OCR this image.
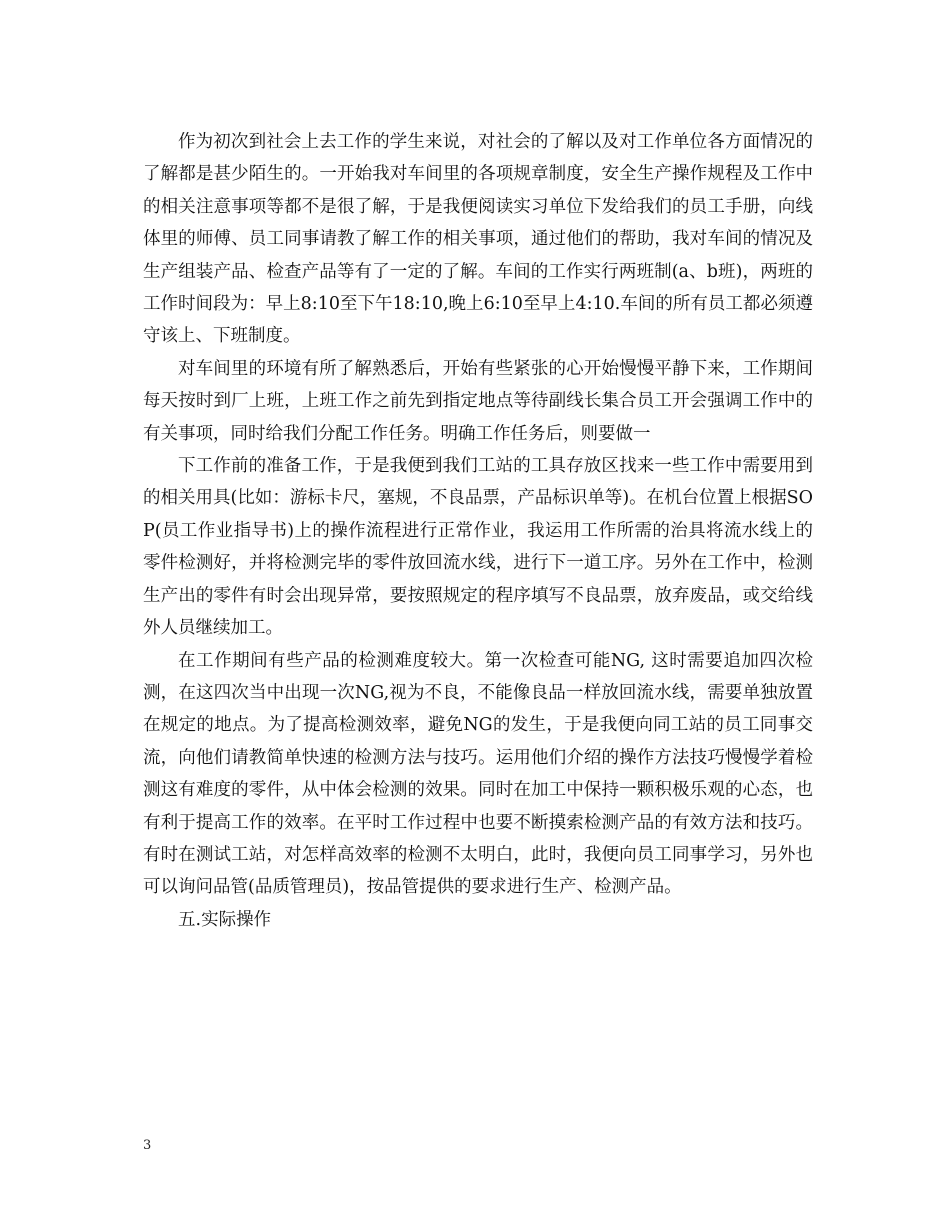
作为初次到社会上去工作的学生来说，对社会的了解以及对工作单位各方面情况的了解都是甚少陌生的。一开始我对车间里的各项规章制度，安全生产操作规程及工作中的相关注意事项等都不是很了解，于是我便阅读实习单位下发给我们的员工手册，向线体里的师傅、员工同事请教了解工作的相关事项，通过他们的帮助，我对车间的情况及生产组装产品、检查产品等有了一定的了解。车间的工作实行两班制(a、b班)，两班的工作时间段为：早上8:10至下午18:10,晚上6:10至早上4:10.车间的所有员工都必须遵守该上、下班制度。

对车间里的环境有所了解熟悉后，开始有些紧张的心开始慢慢平静下来，工作期间每天按时到厂上班，上班工作之前先到指定地点等待副线长集合员工开会强调工作中的有关事项，同时给我们分配工作任务。明确工作任务后，则要做一

下工作前的准备工作，于是我便到我们工站的工具存放区找来一些工作中需要用到的相关用具(比如：游标卡尺，塞规，不良品票，产品标识单等)。在机台位置上根据SOP(员工作业指导书)上的操作流程进行正常作业，我运用工作所需的治具将流水线上的零件检测好，并将检测完毕的零件放回流水线，进行下一道工序。另外在工作中，检测生产出的零件有时会出现异常，要按照规定的程序填写不良品票，放弃废品，或交给线外人员继续加工。

在工作期间有些产品的检测难度较大。第一次检查可能NG, 这时需要追加四次检测，在这四次当中出现一次NG,视为不良，不能像良品一样放回流水线，需要单独放置在规定的地点。为了提高检测效率，避免NG的发生，于是我便向同工站的员工同事交流，向他们请教简单快速的检测方法与技巧。运用他们介绍的操作方法技巧慢慢学着检测这有难度的零件，从中体会检测的效果。同时在加工中保持一颗积极乐观的心态，也有利于提高工作的效率。在平时工作过程中也要不断摸索检测产品的有效方法和技巧。有时在测试工站，对怎样高效率的检测不太明白，此时，我便向员工同事学习，另外也可以询问品管(品质管理员)，按品管提供的要求进行生产、检测产品。

五.实际操作

3
